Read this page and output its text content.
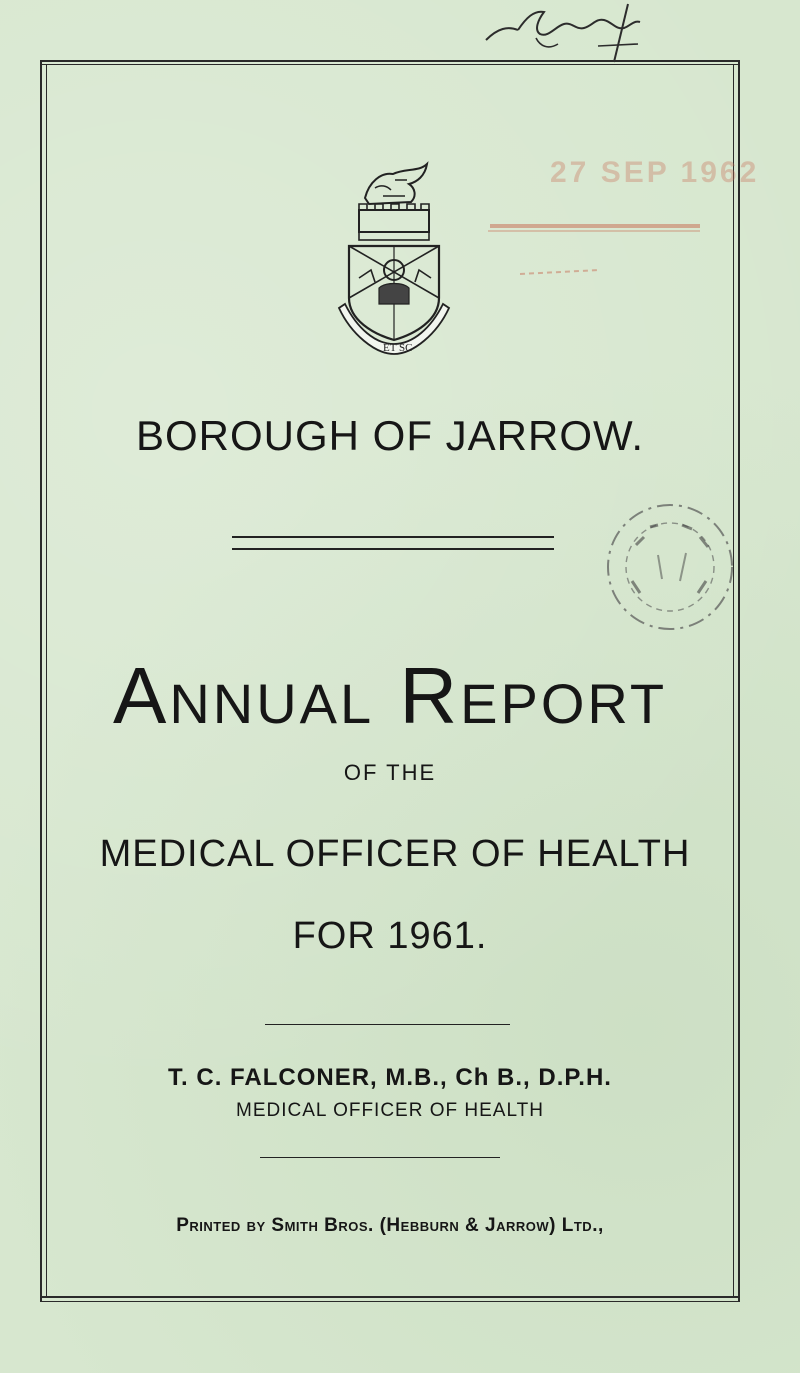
27 SEP 1962
ET SC
BOROUGH OF JARROW.
Annual Report
OF THE
MEDICAL OFFICER OF HEALTH
FOR 1961.
T. C. FALCONER, M.B., Ch B., D.P.H.
MEDICAL OFFICER OF HEALTH
Printed by Smith Bros. (Hebburn & Jarrow) Ltd.,
